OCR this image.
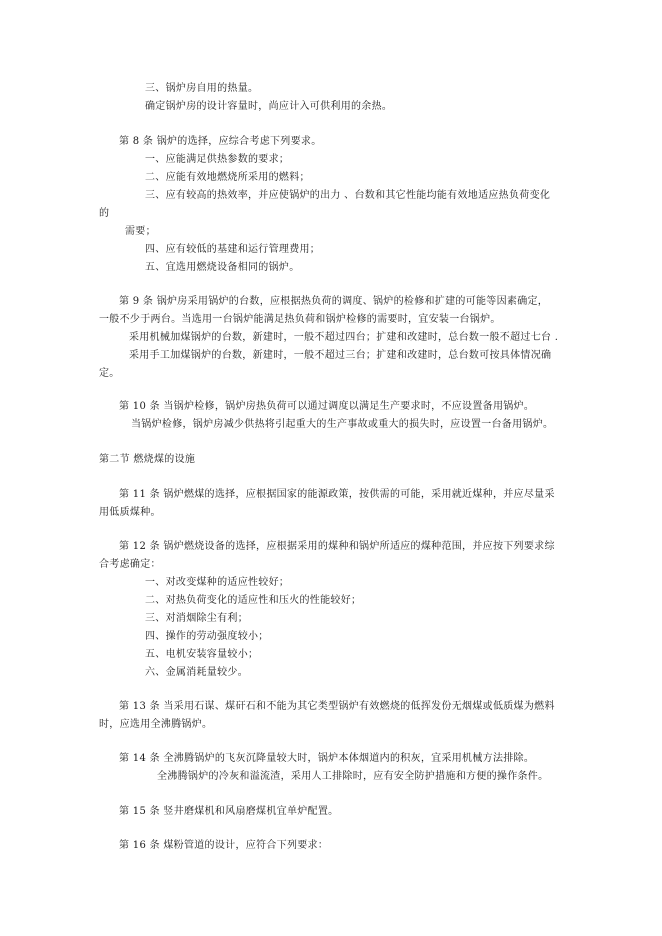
三、锅炉房自用的热量。
确定锅炉房的设计容量时，尚应计入可供利用的余热。
第 8 条 锅炉的选择，应综合考虑下列要求。
一、应能满足供热参数的要求；
二、应能有效地燃烧所采用的燃料；
三、应有较高的热效率，并应使锅炉的出力 、台数和其它性能均能有效地适应热负荷变化
的
需要；
四、应有较低的基建和运行管理费用；
五、宜选用燃烧设备相同的锅炉。
第 9 条 锅炉房采用锅炉的台数，应根据热负荷的调度、锅炉的检修和扩建的可能等因素确定，
一般不少于两台。当选用一台锅炉能满足热负荷和锅炉检修的需要时，宜安装一台锅炉。
采用机械加煤锅炉的台数，新建时，一般不超过四台；扩建和改建时，总台数一般不超过七台 .
采用手工加煤锅炉的台数，新建时，一般不超过三台；扩建和改建时，总台数可按具体情况确
定。
第 10 条 当锅炉检修，锅炉房热负荷可以通过调度以满足生产要求时，不应设置备用锅炉。
当锅炉检修，锅炉房减少供热将引起重大的生产事故或重大的损失时，应设置一台备用锅炉。
第二节 燃烧煤的设施
第 11 条 锅炉燃煤的选择，应根据国家的能源政策，按供需的可能，采用就近煤种，并应尽量采
用低质煤种。
第 12 条 锅炉燃烧设备的选择，应根据采用的煤种和锅炉所适应的煤种范围，并应按下列要求综
合考虑确定：
一、对改变煤种的适应性较好；
二、对热负荷变化的适应性和压火的性能较好；
三、对消烟除尘有利；
四、操作的劳动强度较小；
五、电机安装容量较小；
六、金属消耗量较少。
第 13 条 当采用石谋、煤矸石和不能为其它类型锅炉有效燃烧的低挥发份无烟煤或低质煤为燃料
时，应选用全沸腾锅炉。
第 14 条 全沸腾锅炉的飞灰沉降量较大时，锅炉本体烟道内的积灰，宜采用机械方法排除。
全沸腾锅炉的冷灰和溢流渣，采用人工排除时，应有安全防护措施和方便的操作条件。
第 15 条 竖井磨煤机和风扇磨煤机宜单炉配置。
第 16 条 煤粉管道的设计，应符合下列要求：
